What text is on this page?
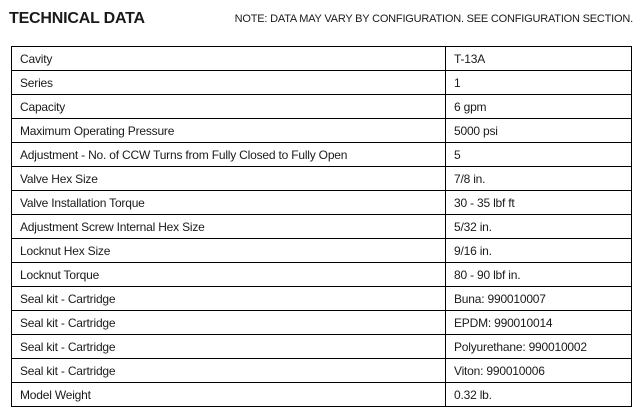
TECHNICAL DATA	NOTE: DATA MAY VARY BY CONFIGURATION. SEE CONFIGURATION SECTION.
Cavity	T-13A
Series	1
Capacity	6 gpm
Maximum Operating Pressure	5000 psi
Adjustment - No. of CCW Turns from Fully Closed to Fully Open	5
Valve Hex Size	7/8 in.
Valve Installation Torque	30 - 35 lbf ft
Adjustment Screw Internal Hex Size	5/32 in.
Locknut Hex Size	9/16 in.
Locknut Torque	80 - 90 lbf in.
Seal kit - Cartridge	Buna: 990010007
Seal kit - Cartridge	EPDM: 990010014
Seal kit - Cartridge	Polyurethane: 990010002
Seal kit - Cartridge	Viton: 990010006
Model Weight	0.32 lb.
